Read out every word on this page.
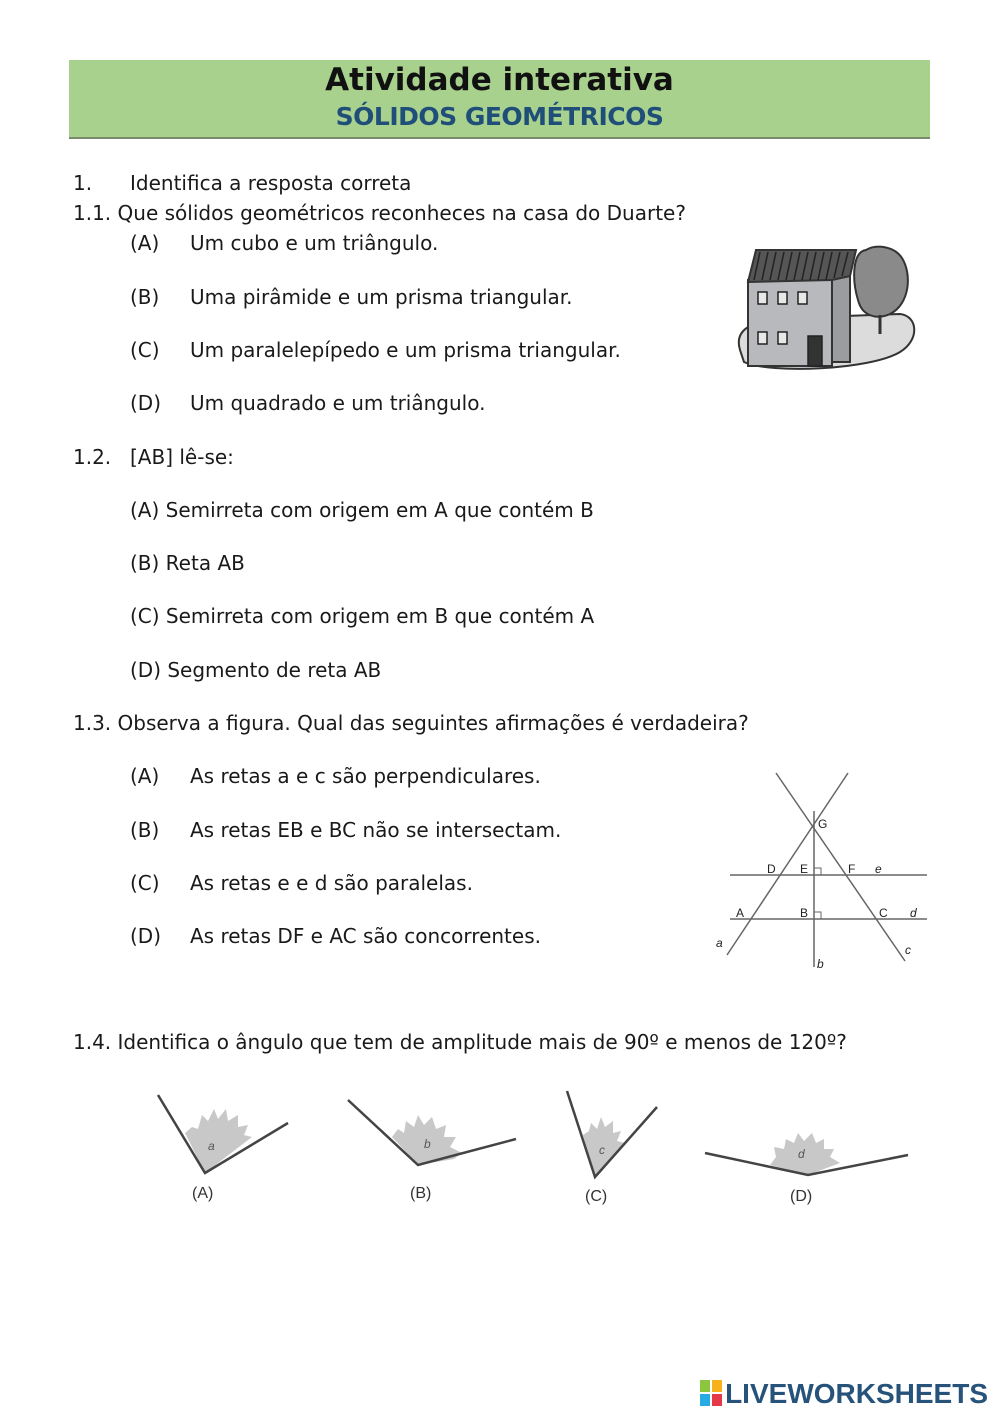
Atividade interativa
SÓLIDOS GEOMÉTRICOS
1. Identifica a resposta correta
1.1. Que sólidos geométricos reconheces na casa do Duarte?
(A) Um cubo e um triângulo.
(B) Uma pirâmide e um prisma triangular.
(C) Um paralelepípedo e um prisma triangular.
(D) Um quadrado e um triângulo.
1.2. [AB] lê-se:
(A) Semirreta com origem em A que contém B
(B) Reta AB
(C) Semirreta com origem em B que contém A
(D) Segmento de reta AB
1.3. Observa a figura. Qual das seguintes afirmações é verdadeira?
(A) As retas a e c são perpendiculares.
(B) As retas EB e BC não se intersectam.
(C) As retas e e d são paralelas.
(D) As retas DF e AC são concorrentes.
G
D E	F e
A	B	C d
a
b
c
1.4. Identifica o ângulo que tem de amplitude mais de 90º e menos de 120º?
a
(A)
b
(B)
c
(C)
d
(D)
LIVEWORKSHEETS
